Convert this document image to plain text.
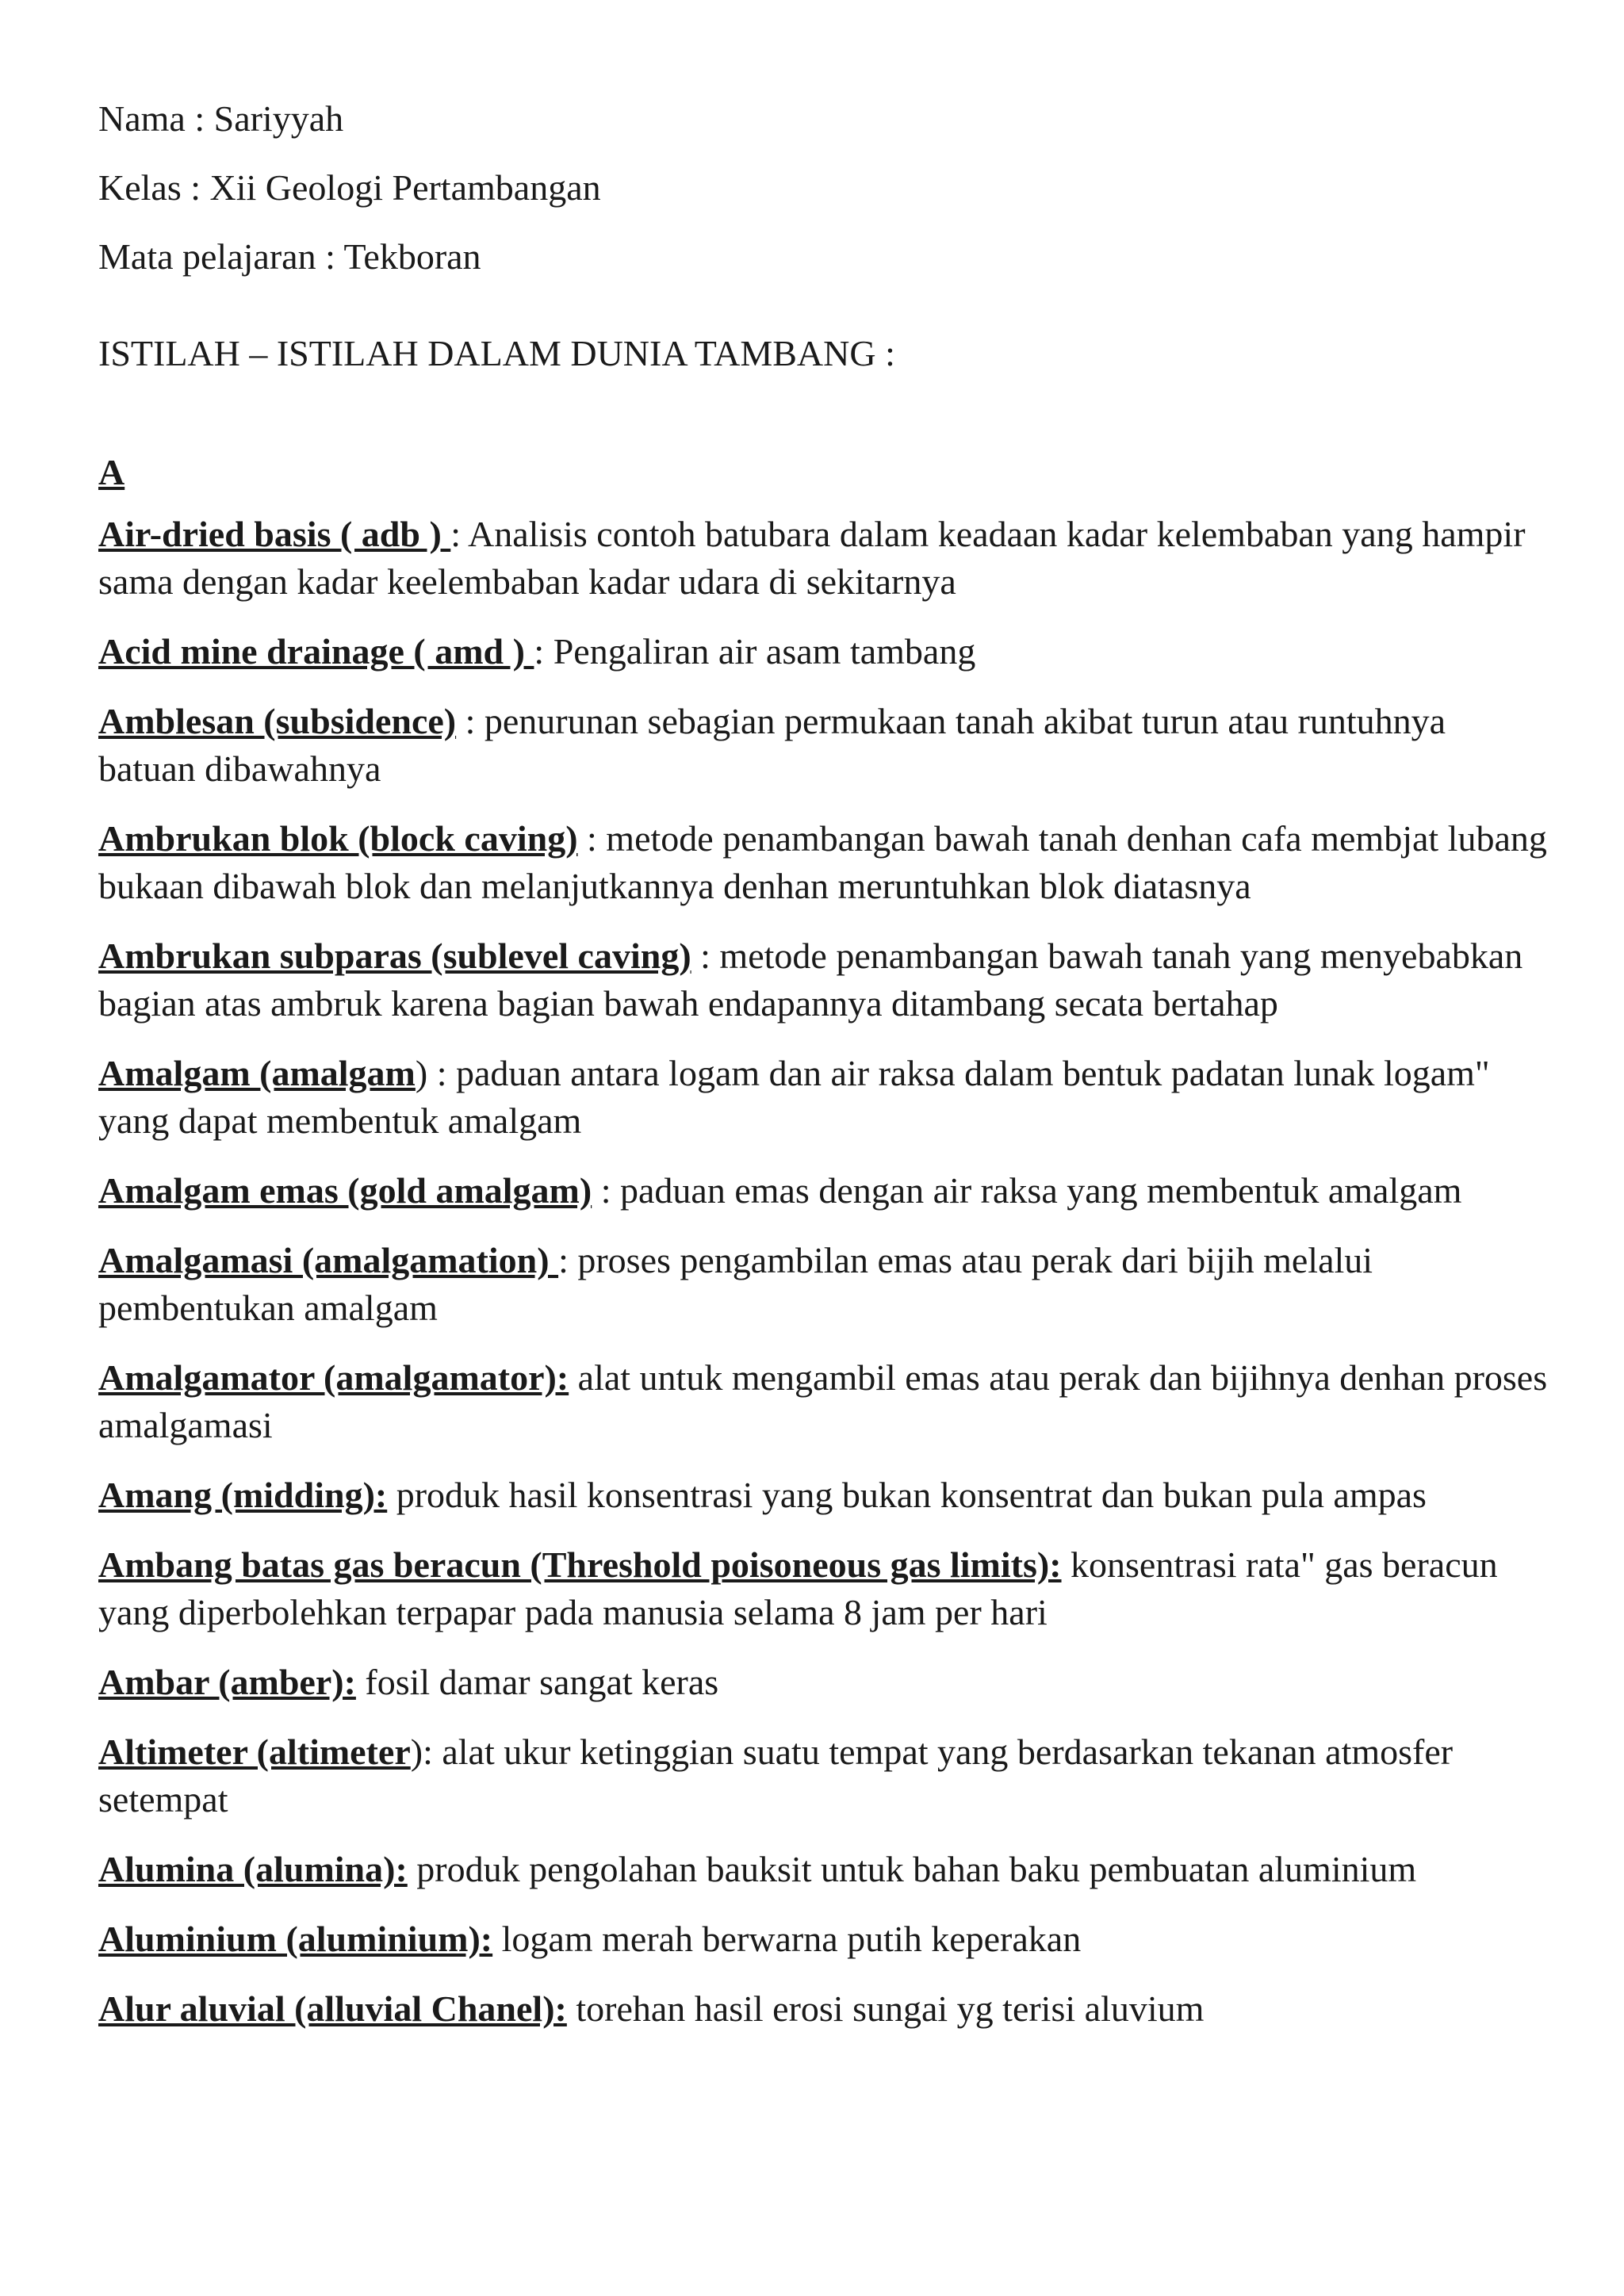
Nama : Sariyyah
Kelas : Xii Geologi Pertambangan
Mata pelajaran : Tekboran
ISTILAH – ISTILAH DALAM DUNIA TAMBANG :
A
Air-dried basis ( adb ) : Analisis contoh batubara dalam keadaan kadar kelembaban yang hampir sama dengan kadar keelembaban kadar udara di sekitarnya
Acid mine drainage ( amd ) : Pengaliran air asam tambang
Amblesan (subsidence) : penurunan sebagian permukaan tanah akibat turun atau runtuhnya batuan dibawahnya
Ambrukan blok (block caving) : metode penambangan bawah tanah denhan cafa membjat lubang bukaan dibawah blok dan melanjutkannya denhan meruntuhkan blok diatasnya
Ambrukan subparas (sublevel caving) : metode penambangan bawah tanah yang menyebabkan bagian atas ambruk karena bagian bawah endapannya ditambang secata bertahap
Amalgam (amalgam) : paduan antara logam dan air raksa dalam bentuk padatan lunak logam" yang dapat membentuk amalgam
Amalgam emas (gold amalgam) : paduan emas dengan air raksa yang membentuk amalgam
Amalgamasi (amalgamation) : proses pengambilan emas atau perak dari bijih melalui pembentukan amalgam
Amalgamator (amalgamator): alat untuk mengambil emas atau perak dan bijihnya denhan proses amalgamasi
Amang (midding): produk hasil konsentrasi yang bukan konsentrat dan bukan pula ampas
Ambang batas gas beracun (Threshold poisoneous gas limits): konsentrasi rata" gas beracun yang diperbolehkan terpapar pada manusia selama 8 jam per hari
Ambar (amber): fosil damar sangat keras
Altimeter (altimeter): alat ukur ketinggian suatu tempat yang berdasarkan tekanan atmosfer setempat
Alumina (alumina): produk pengolahan bauksit untuk bahan baku pembuatan aluminium
Aluminium (aluminium): logam merah berwarna putih keperakan
Alur aluvial (alluvial Chanel): torehan hasil erosi sungai yg terisi aluvium
